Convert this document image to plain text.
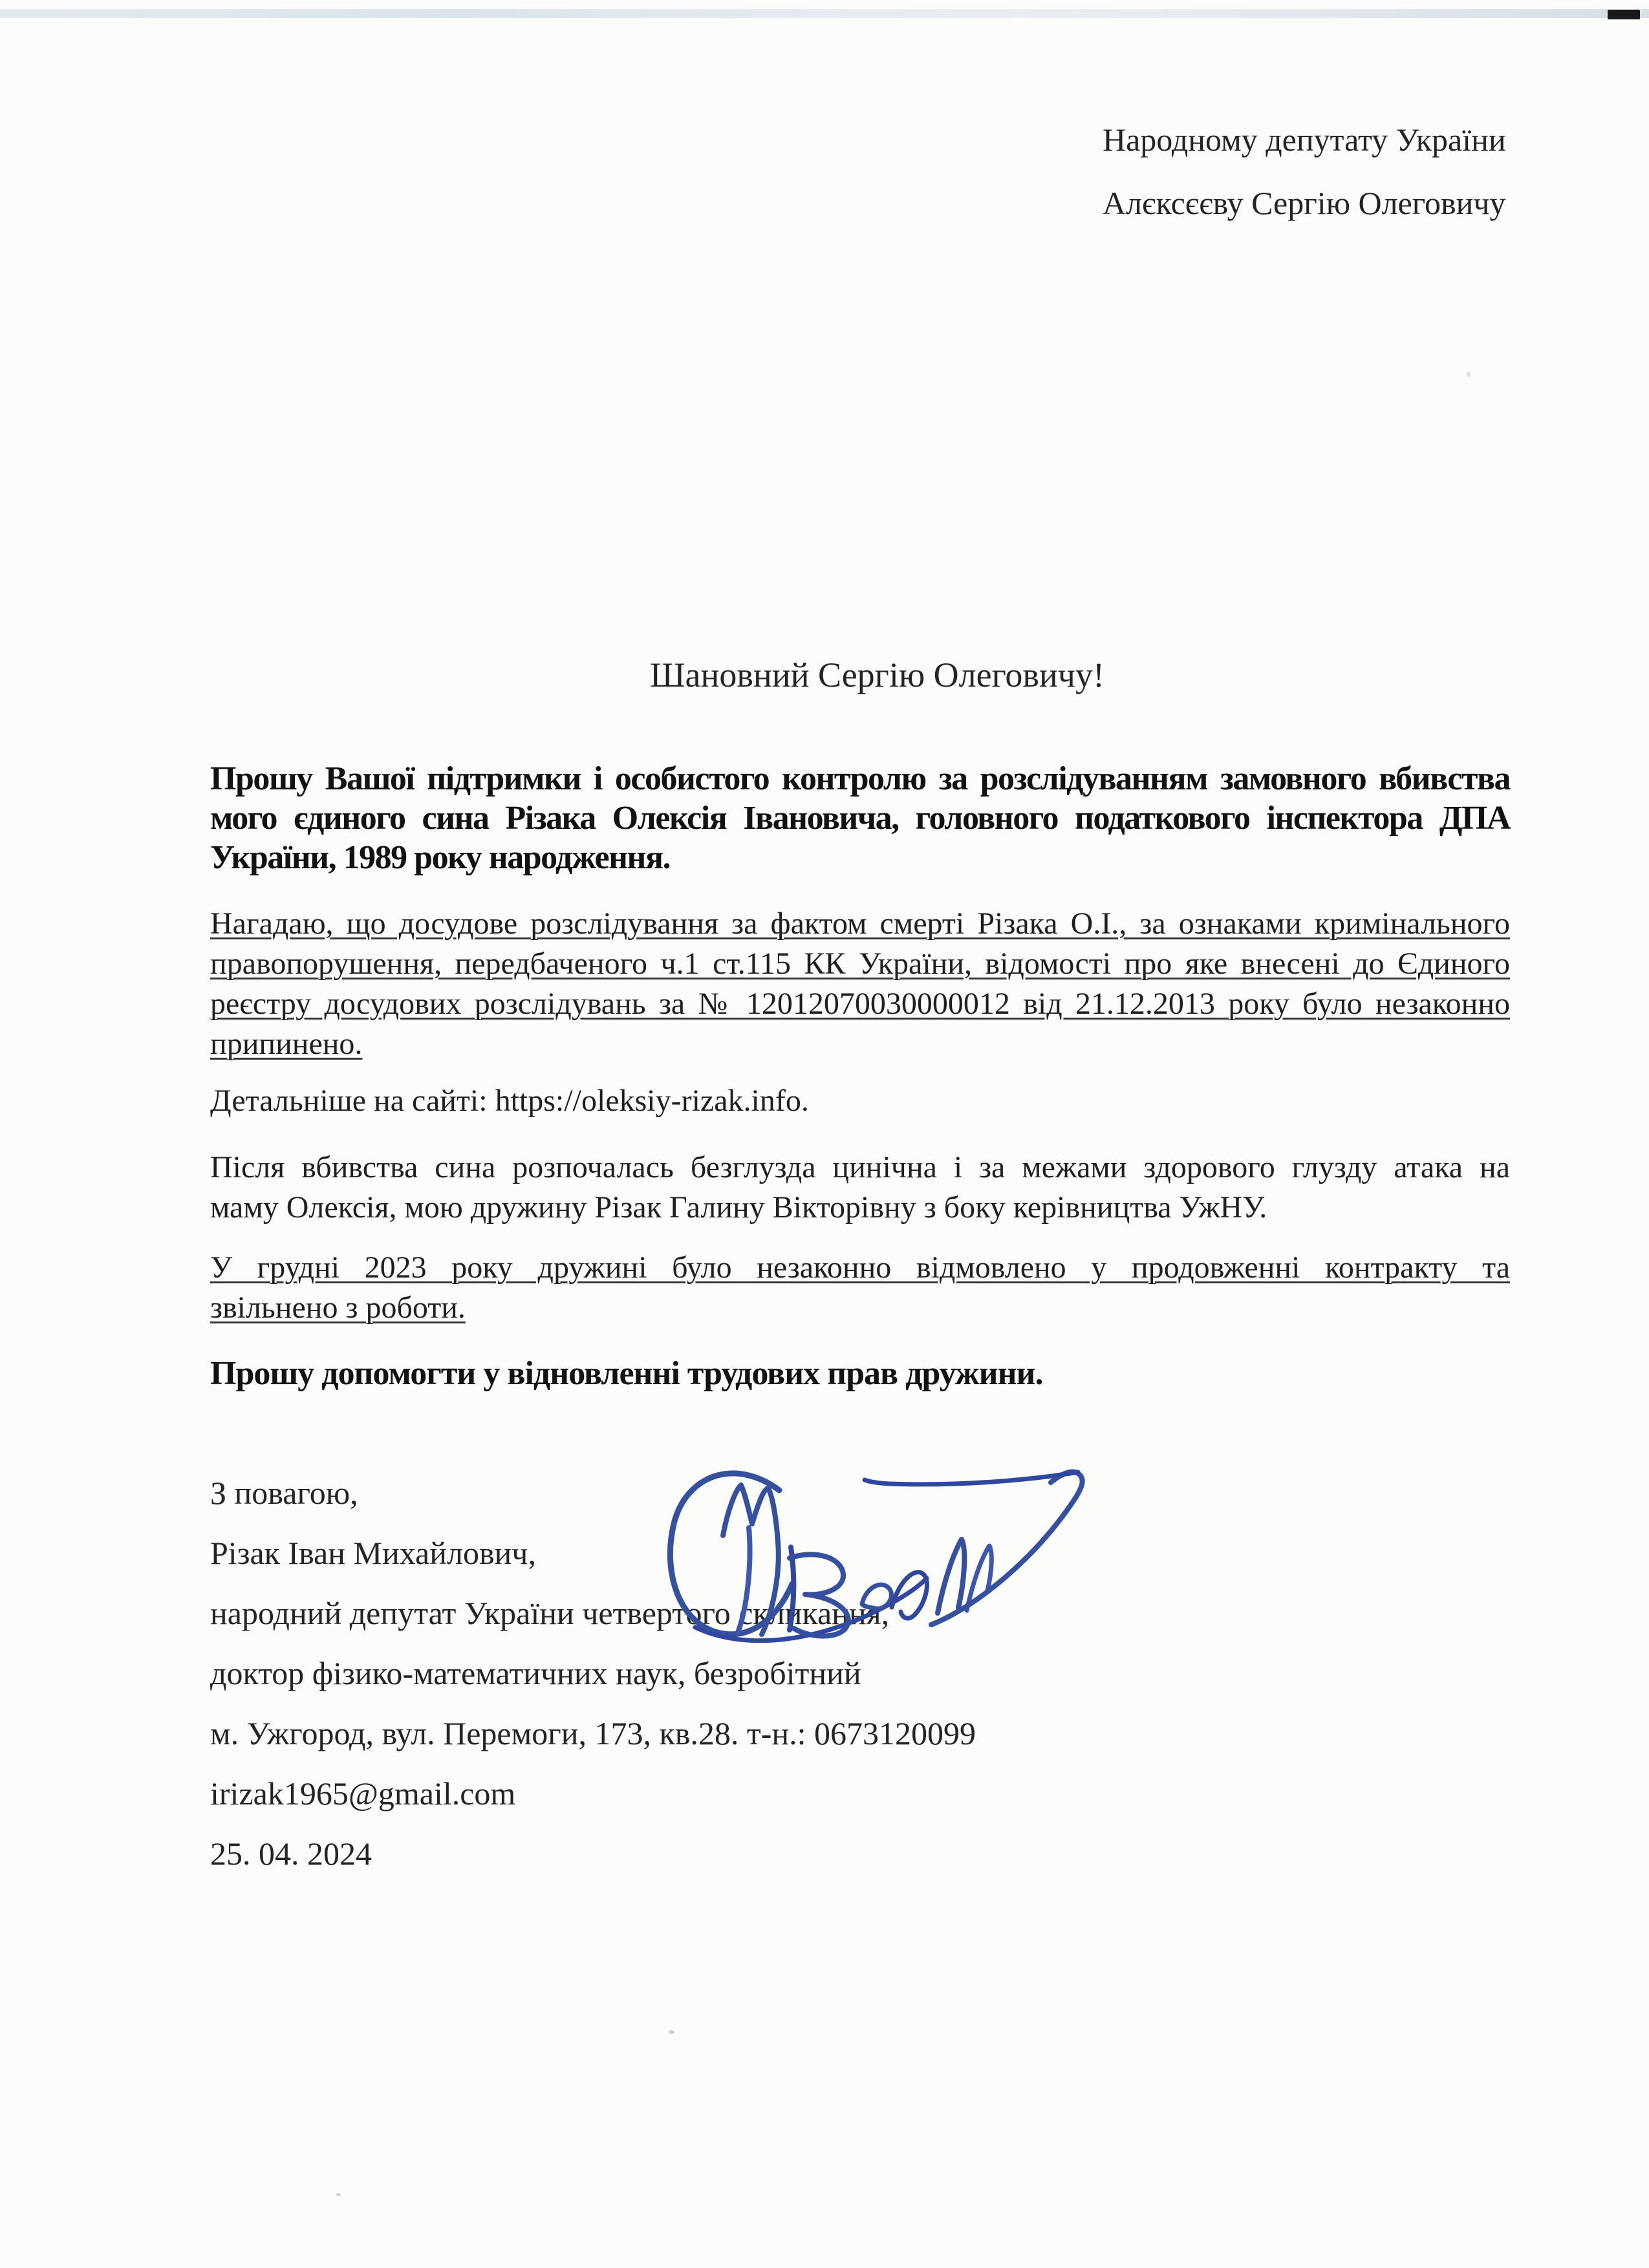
Народному депутату України
Алєксєєву Сергію Олеговичу
Шановний Сергію Олеговичу!
Прошу Вашої підтримки і особистого контролю за розслідуванням замовного вбивства
мого єдиного сина Різака Олексія Івановича, головного податкового інспектора ДПА
України, 1989 року народження.
Нагадаю, що досудове розслідування за фактом смерті Різака О.І., за ознаками кримінального
правопорушення, передбаченого ч.1 ст.115 КК України, відомості про яке внесені до Єдиного
реєстру досудових розслідувань за № 12012070030000012 від 21.12.2013 року було незаконно
припинено.
Детальніше на сайті: https://oleksiy-rizak.info.
Після вбивства сина розпочалась безглузда цинічна і за межами здорового глузду атака на
маму Олексія, мою дружину Різак Галину Вікторівну з боку керівництва УжНУ.
У грудні 2023 року дружині було незаконно відмовлено у продовженні контракту та
звільнено з роботи.
Прошу допомогти у відновленні трудових прав дружини.
З повагою,
Різак Іван Михайлович,
народний депутат України четвертого скликання,
доктор фізико-математичних наук, безробітний
м. Ужгород, вул. Перемоги, 173, кв.28. т-н.: 0673120099
irizak1965@gmail.com
25. 04. 2024
